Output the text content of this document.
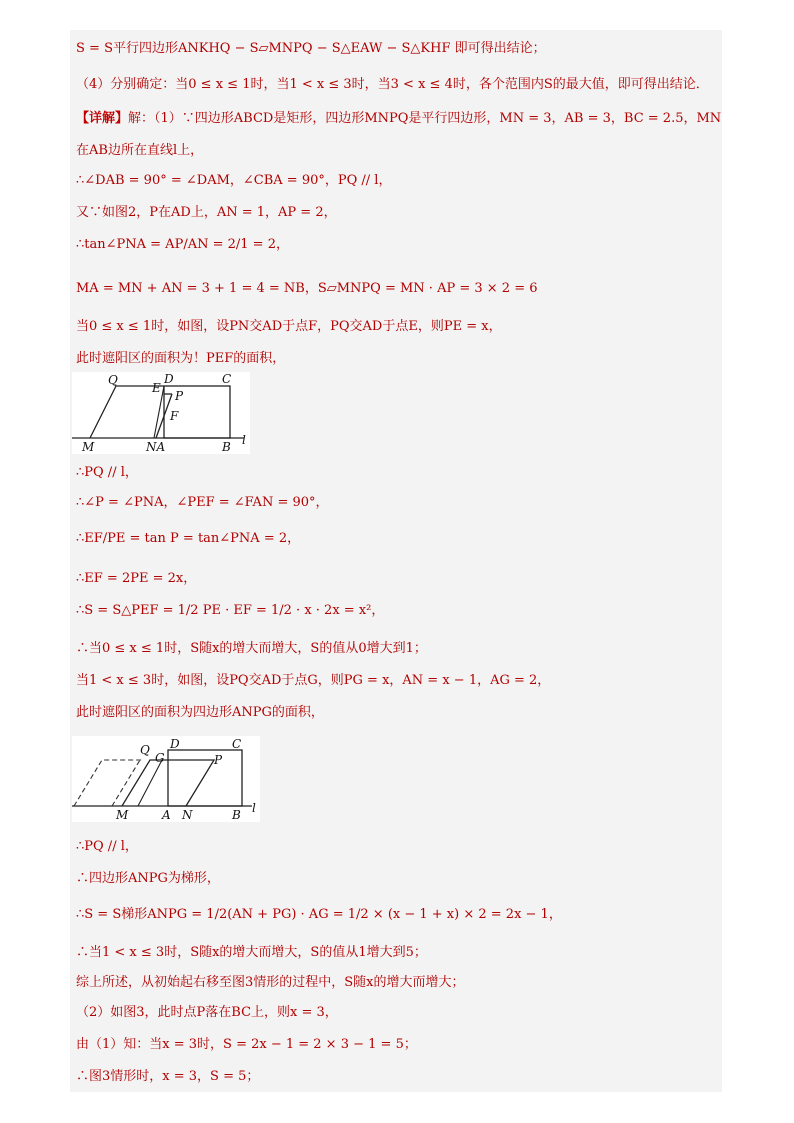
S = S平行四边形ANKHQ − S▱MNPQ − S△EAW − S△KHF 即可得出结论；
（4）分别确定：当0 ≤ x ≤ 1时，当1 < x ≤ 3时，当3 < x ≤ 4时，各个范围内S的最大值，即可得出结论．
【详解】解：（1）∵四边形ABCD是矩形，四边形MNPQ是平行四边形，MN = 3，AB = 3，BC = 2.5，MN
在AB边所在直线l上，
∴∠DAB = 90° = ∠DAM，∠CBA = 90°，PQ // l，
又∵如图2，P在AD上，AN = 1，AP = 2，
∴tan∠PNA = AP/AN = 2/1 = 2，
MA = MN + AN = 3 + 1 = 4 = NB，S▱MNPQ = MN · AP = 3 × 2 = 6
当0 ≤ x ≤ 1时，如图，设PN交AD于点F，PQ交AD于点E，则PE = x，
此时遮阳区的面积为！PEF的面积，
∴PQ // l，
∴∠P = ∠PNA，∠PEF = ∠FAN = 90°，
∴EF/PE = tan P = tan∠PNA = 2，
∴EF = 2PE = 2x，
∴S = S△PEF = 1/2 PE · EF = 1/2 · x · 2x = x²，
∴当0 ≤ x ≤ 1时，S随x的增大而增大，S的值从0增大到1；
当1 < x ≤ 3时，如图，设PQ交AD于点G，则PG = x，AN = x − 1，AG = 2，
此时遮阳区的面积为四边形ANPG的面积，
∴PQ // l，
∴四边形ANPG为梯形，
∴S = S梯形ANPG = 1/2(AN + PG) · AG = 1/2 × (x − 1 + x) × 2 = 2x − 1，
∴当1 < x ≤ 3时，S随x的增大而增大，S的值从1增大到5；
综上所述，从初始起右移至图3情形的过程中，S随x的增大而增大；
（2）如图3，此时点P落在BC上，则x = 3，
由（1）知：当x = 3时，S = 2x − 1 = 2 × 3 − 1 = 5；
∴图3情形时，x = 3，S = 5；
Q
E
D	C
P
F
M	NA	B l
Q
G
D	C
P
M	A N	B l
